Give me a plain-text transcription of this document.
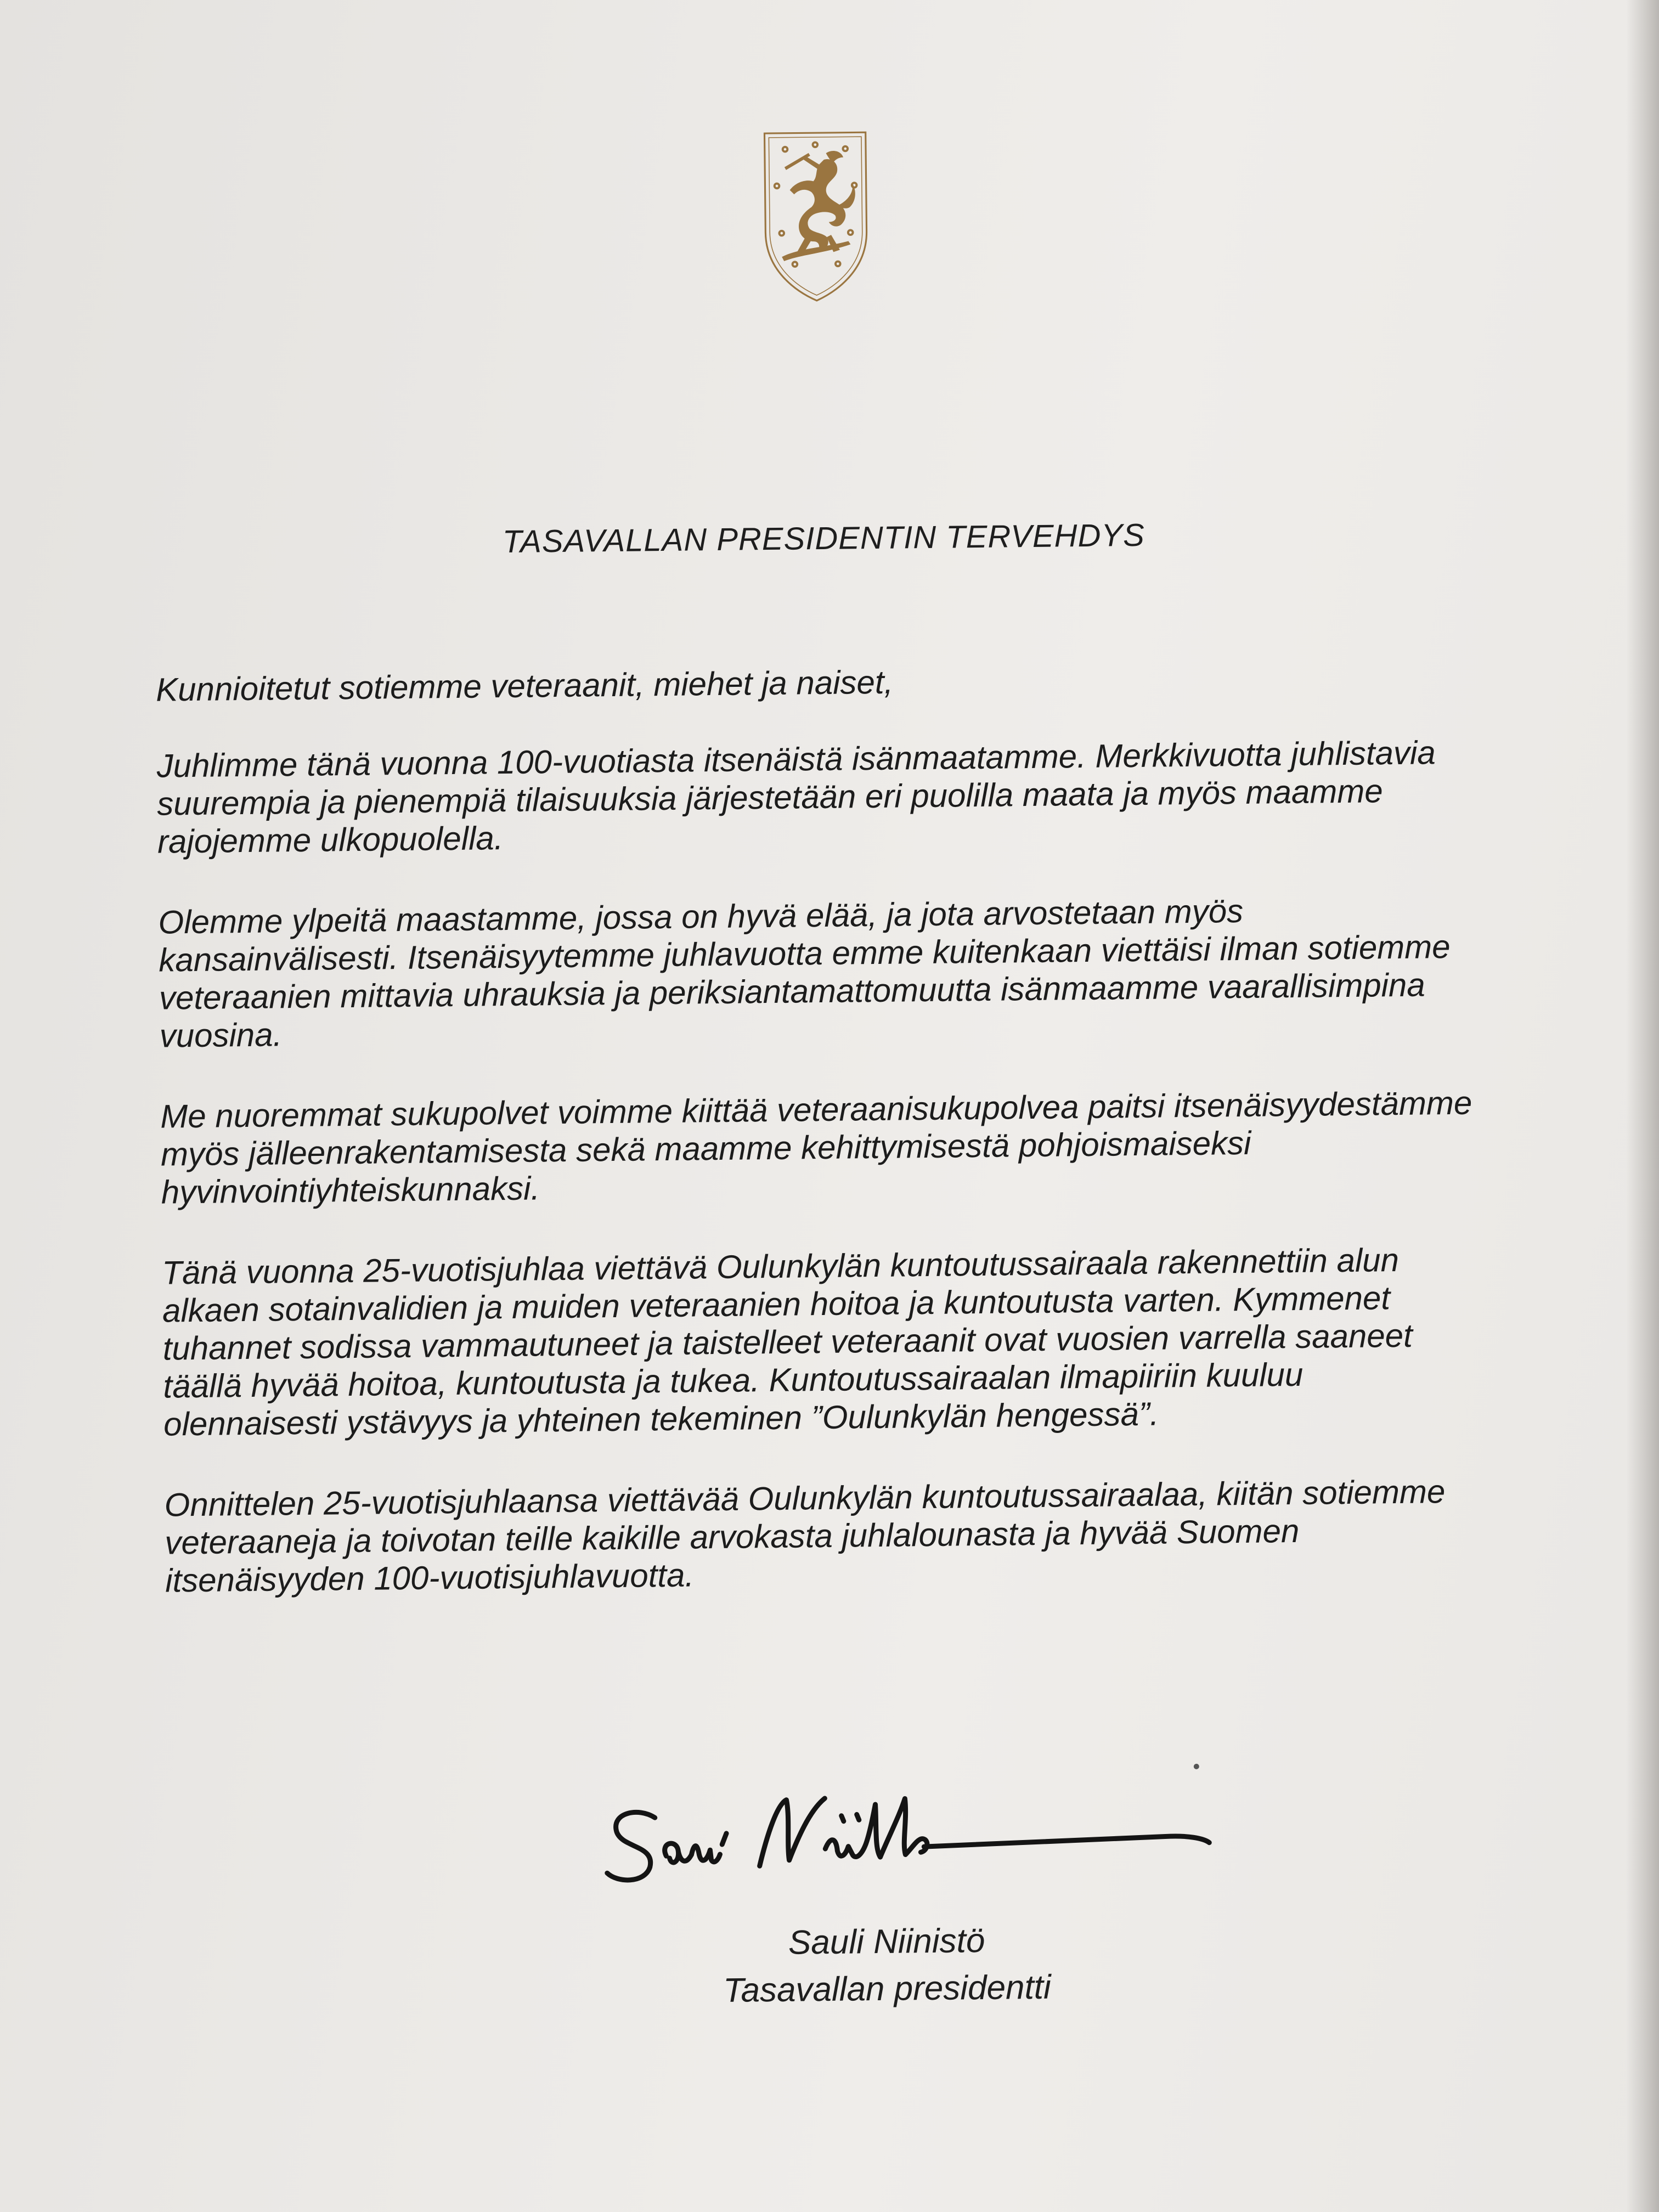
TASAVALLAN PRESIDENTIN TERVEHDYS

Kunnioitetut sotiemme veteraanit, miehet ja naiset,

Juhlimme tänä vuonna 100-vuotiasta itsenäistä isänmaatamme. Merkkivuotta juhlistavia
suurempia ja pienempiä tilaisuuksia järjestetään eri puolilla maata ja myös maamme
rajojemme ulkopuolella.

Olemme ylpeitä maastamme, jossa on hyvä elää, ja jota arvostetaan myös
kansainvälisesti. Itsenäisyytemme juhlavuotta emme kuitenkaan viettäisi ilman sotiemme
veteraanien mittavia uhrauksia ja periksiantamattomuutta isänmaamme vaarallisimpina
vuosina.

Me nuoremmat sukupolvet voimme kiittää veteraanisukupolvea paitsi itsenäisyydestämme
myös jälleenrakentamisesta sekä maamme kehittymisestä pohjoismaiseksi
hyvinvointiyhteiskunnaksi.

Tänä vuonna 25-vuotisjuhlaa viettävä Oulunkylän kuntoutussairaala rakennettiin alun
alkaen sotainvalidien ja muiden veteraanien hoitoa ja kuntoutusta varten. Kymmenet
tuhannet sodissa vammautuneet ja taistelleet veteraanit ovat vuosien varrella saaneet
täällä hyvää hoitoa, kuntoutusta ja tukea. Kuntoutussairaalan ilmapiiriin kuuluu
olennaisesti ystävyys ja yhteinen tekeminen ”Oulunkylän hengessä”.

Onnittelen 25-vuotisjuhlaansa viettävää Oulunkylän kuntoutussairaalaa, kiitän sotiemme
veteraaneja ja toivotan teille kaikille arvokasta juhlalounasta ja hyvää Suomen
itsenäisyyden 100-vuotisjuhlavuotta.

Sauli Niinistö
Tasavallan presidentti
